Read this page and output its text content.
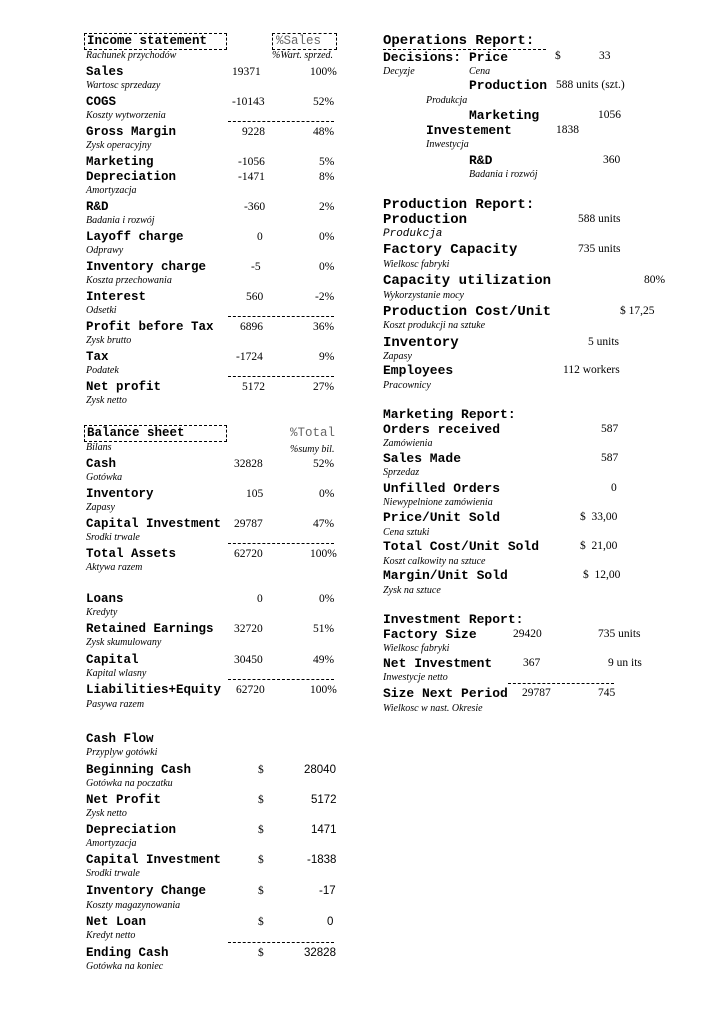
Income statement	%Sales
Rachunek przychodów	%Wart. sprzed.
Sales	19371	100%
Wartosc sprzedazy
COGS	-10143	52%
Koszty wytworzenia
Gross Margin	9228	48%
Zysk operacyjny
Marketing	-1056	5%
Depreciation	-1471	8%
Amortyzacja
R&D	-360	2%
Badania i rozwój
Layoff charge	0	0%
Odprawy
Inventory charge	-5	0%
Koszta przechowania
Interest	560	-2%
Odsetki
Profit before Tax 6896	36%
Zysk brutto
Tax	-1724	9%
Podatek
Net profit	5172	27%
Zysk netto
Balance sheet	%Total
Bilans	%sumy bil.
Cash	32828	52%
Gotówka
Inventory	105	0%
Zapasy
Capital Investment 29787	47%
Srodki trwale
Total Assets	62720	100%
Aktywa razem
Loans	0	0%
Kredyty
Retained Earnings 32720	51%
Zysk skumulowany
Capital	30450	49%
Kapital wlasny
Liabilities+Equity 62720	100%
Pasywa razem
Cash Flow
Przyplyw gotówki
Beginning Cash	$	28040
Gotówka na poczatku
Net Profit	$	5172
Zysk netto
Depreciation	$	1471
Amortyzacja
Capital Investment	$	-1838
Srodki trwale
Inventory Change	$	-17
Koszty magazynowania
Net Loan	$	0
Kredyt netto
Ending Cash	$	32828
Gotówka na koniec
Operations Report:
Decisions: Price	$	33
Decyzje	Cena
Production 588 units (szt.)
Produkcja
Marketing	1056
Investement	1838
Inwestycja
R&D	360
Badania i rozwój
Production Report:
Production	588 units
Produkcja
Factory Capacity	735 units
Wielkosc fabryki
Capacity utilization	80%
Wykorzystanie mocy
Production Cost/Unit	$ 17,25
Koszt produkcji na sztuke
Inventory	5 units
Zapasy
Employees	112 workers
Pracownicy
Marketing Report:
Orders received	587
Zamówienia
Sales Made	587
Sprzedaz
Unfilled Orders	0
Niewypelnione zamówienia
Price/Unit Sold	$  33,00
Cena sztuki
Total Cost/Unit Sold	$  21,00
Koszt calkowity na sztuce
Margin/Unit Sold	$  12,00
Zysk na sztuce
Investment Report:
Factory Size	29420	735 units
Wielkosc fabryki
Net Investment	367	9 un its
Inwestycje netto
Size Next Period 29787	745
Wielkosc w nast. Okresie
